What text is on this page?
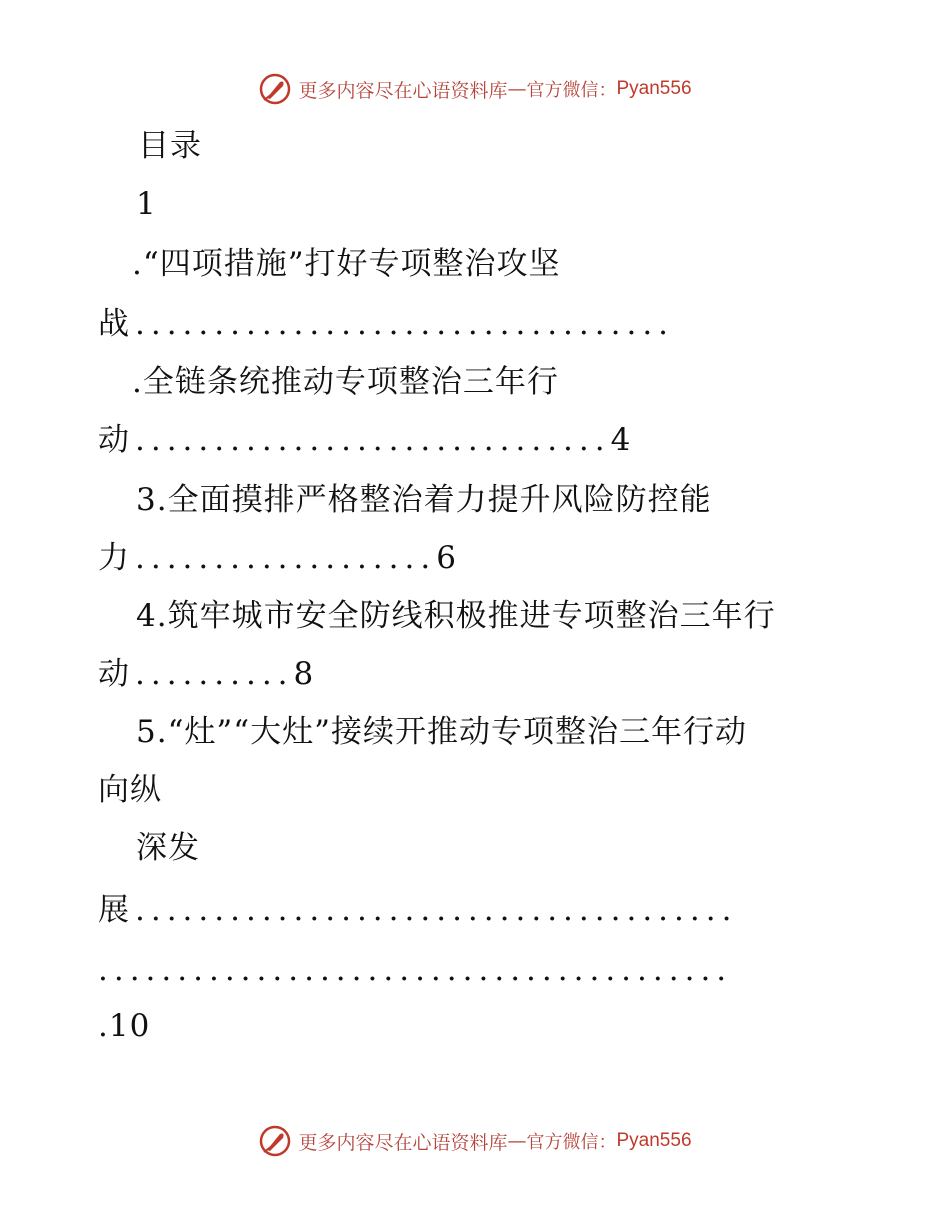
更多内容尽在心语资料库 — 官方微信： Pyan556
目录
1
.“四项措施”打好专项整治攻坚
战..................................
.全链条统推动专项整治三年行
动..............................4
3.全面摸排严格整治着力提升风险防控能
力...................6
4.筑牢城市安全防线积极推进专项整治三年行
动..........8
5.“灶”“大灶”接续开推动专项整治三年行动
向纵
深发
展......................................
........................................
.10
更多内容尽在心语资料库 — 官方微信： Pyan556
